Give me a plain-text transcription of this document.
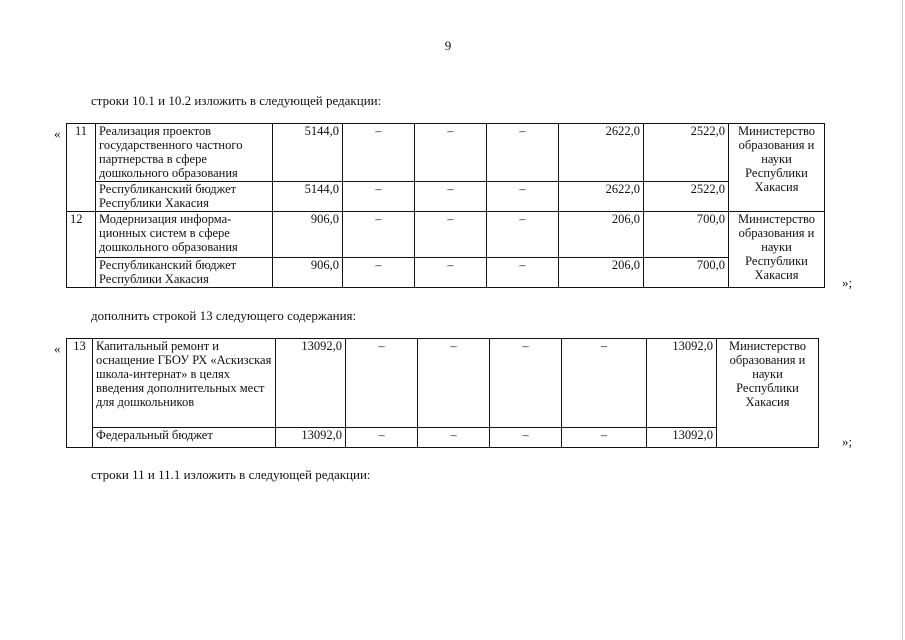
9
строки 10.1 и 10.2 изложить в следующей редакции:
« 11	Реализация проектов государственного частного партнерства в сфере дошкольного образования	5144,0	–	–	–	2622,0	2522,0	Министерство образования и науки Республики Хакасия
	Республиканский бюджет Республики Хакасия	5144,0	–	–	–	2622,0	2522,0	
12	Модернизация информа-ционных систем в сфере дошкольного образования	906,0	–	–	–	206,0	700,0	Министерство образования и науки Республики Хакасия
	Республиканский бюджет Республики Хакасия	906,0	–	–	–	206,0	700,0	
»;
дополнить строкой 13 следующего содержания:
« 13	Капитальный ремонт и оснащение ГБОУ РХ «Аскизская школа-интернат» в целях введения дополнительных мест для дошкольников	13092,0	–	–	–	–	13092,0	Министерство образования и науки Республики Хакасия
	Федеральный бюджет	13092,0	–	–	–	–	13092,0		»;
строки 11 и 11.1 изложить в следующей редакции:
